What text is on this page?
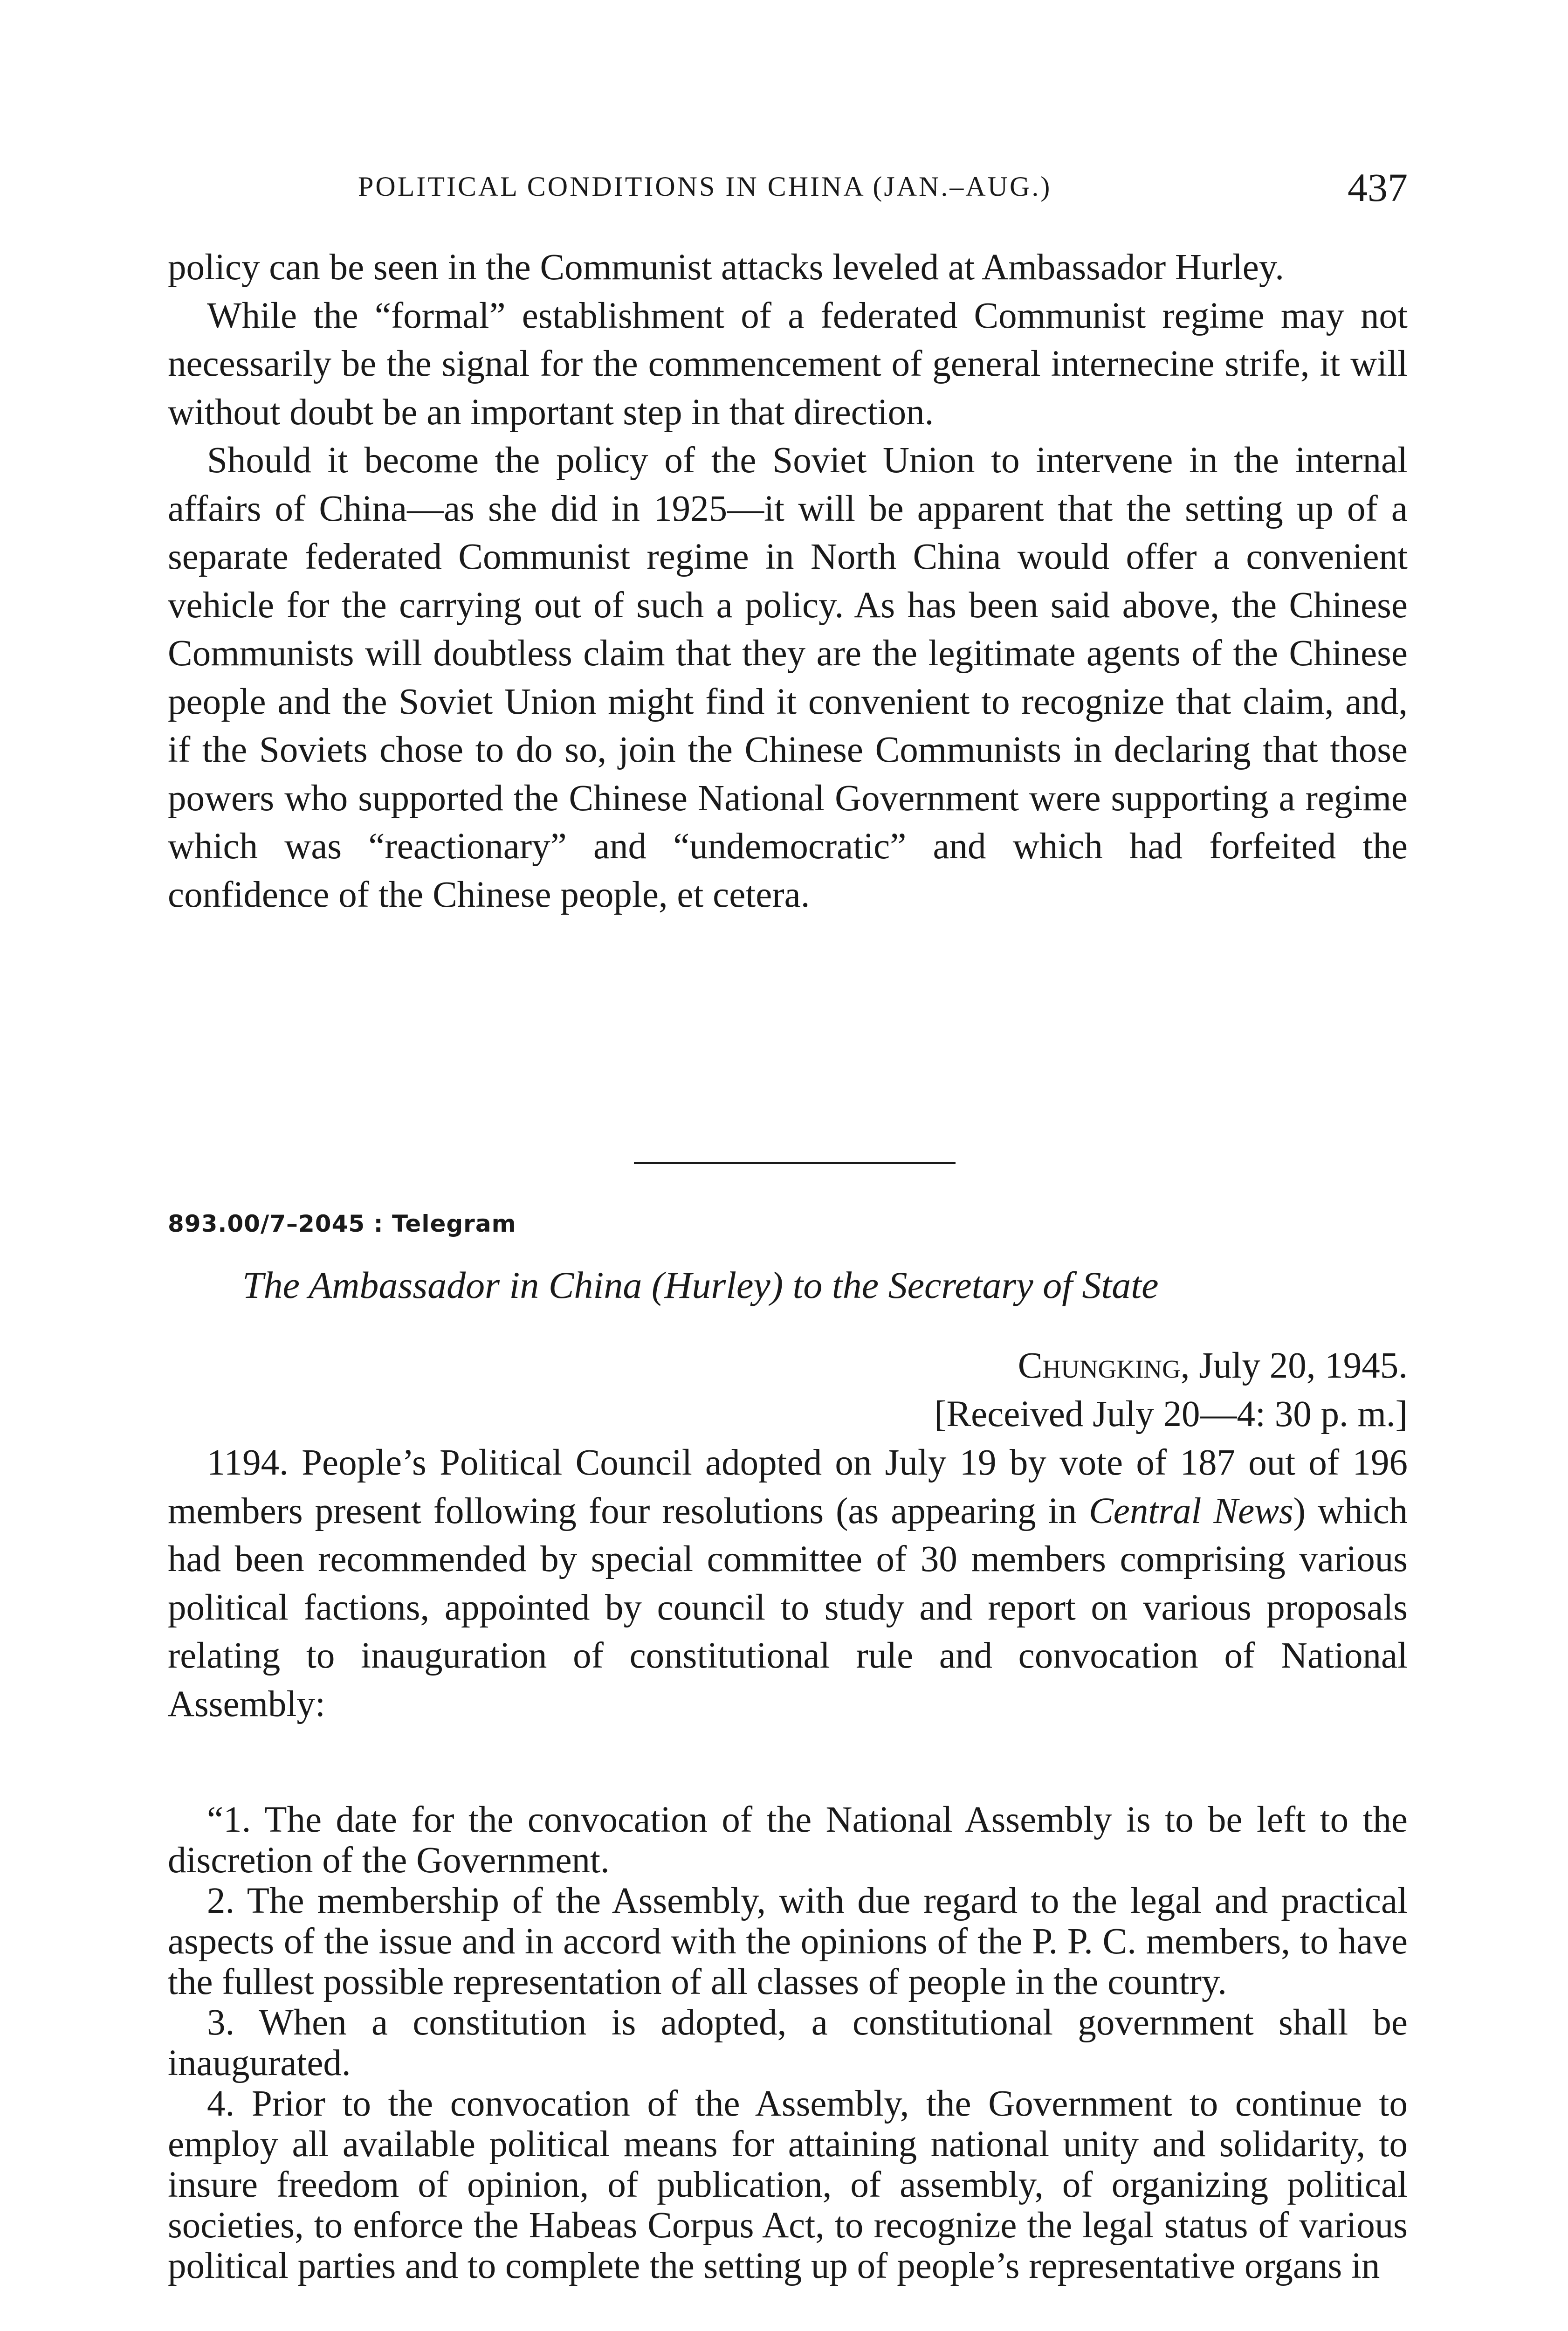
POLITICAL CONDITIONS IN CHINA (JAN.–AUG.)	437

policy can be seen in the Communist attacks leveled at Ambassador Hurley.

While the “formal” establishment of a federated Communist regime may not necessarily be the signal for the commencement of general internecine strife, it will without doubt be an important step in that direction.

Should it become the policy of the Soviet Union to intervene in the internal affairs of China—as she did in 1925—it will be apparent that the setting up of a separate federated Communist regime in North China would offer a convenient vehicle for the carrying out of such a policy. As has been said above, the Chinese Communists will doubtless claim that they are the legitimate agents of the Chinese people and the Soviet Union might find it convenient to recognize that claim, and, if the Soviets chose to do so, join the Chinese Communists in declaring that those powers who supported the Chinese National Government were supporting a regime which was “reactionary” and “undemocratic” and which had forfeited the confidence of the Chinese people, et cetera.

893.00/7–2045 : Telegram
The Ambassador in China (Hurley) to the Secretary of State
Chungking, July 20, 1945.
[Received July 20—4: 30 p. m.]

1194. People’s Political Council adopted on July 19 by vote of 187 out of 196 members present following four resolutions (as appearing in Central News) which had been recommended by special committee of 30 members comprising various political factions, appointed by council to study and report on various proposals relating to inauguration of constitutional rule and convocation of National Assembly:

“1. The date for the convocation of the National Assembly is to be left to the discretion of the Government.

2. The membership of the Assembly, with due regard to the legal and practical aspects of the issue and in accord with the opinions of the P. P. C. members, to have the fullest possible representation of all classes of people in the country.

3. When a constitution is adopted, a constitutional government shall be inaugurated.

4. Prior to the convocation of the Assembly, the Government to continue to employ all available political means for attaining national unity and solidarity, to insure freedom of opinion, of publication, of assembly, of organizing political societies, to enforce the Habeas Corpus Act, to recognize the legal status of various political parties and to complete the setting up of people’s representative organs in
